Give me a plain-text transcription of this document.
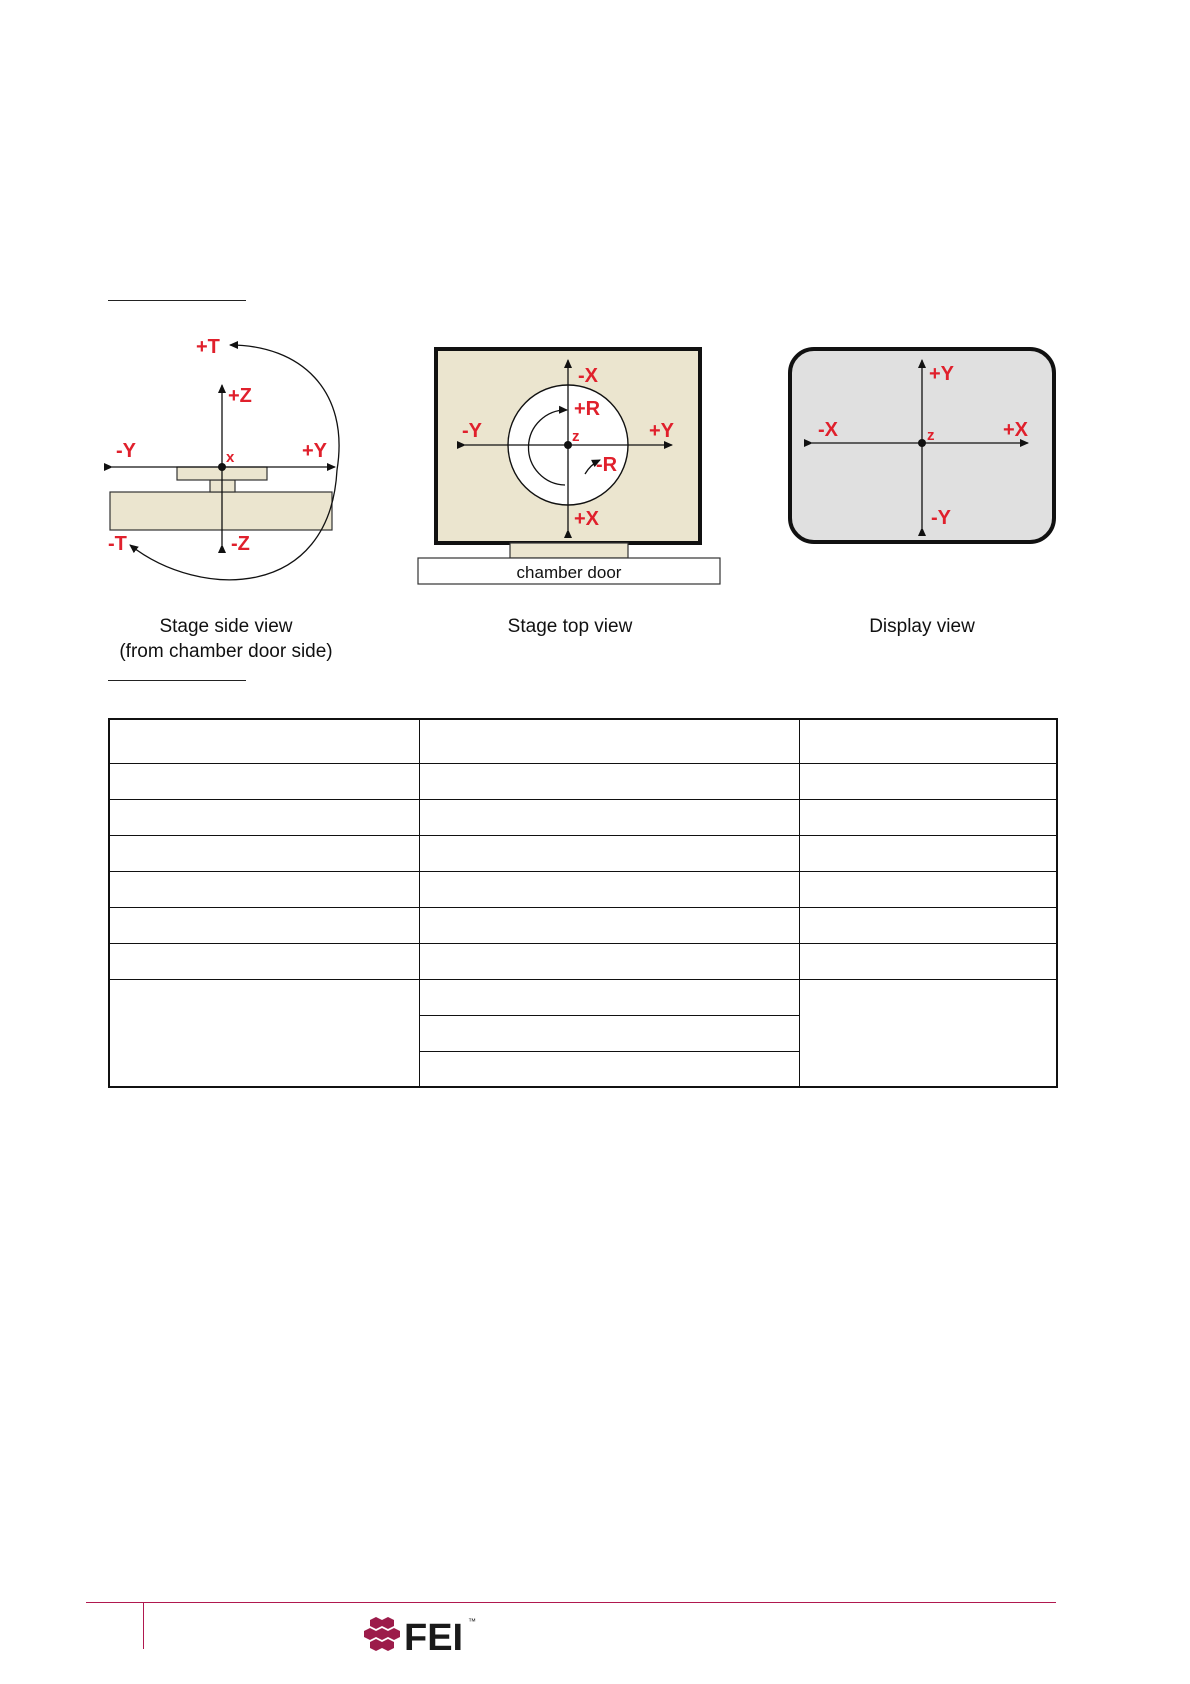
+T
-T
+Z
-Z
-Y	+Y
x
chamber door
-X
+X
-Y	+Y
+R
-R
z
+Y
-Y
-X	+X
z
Stage side view
(from chamber door side)
Stage top view	Display view

FEI ™
